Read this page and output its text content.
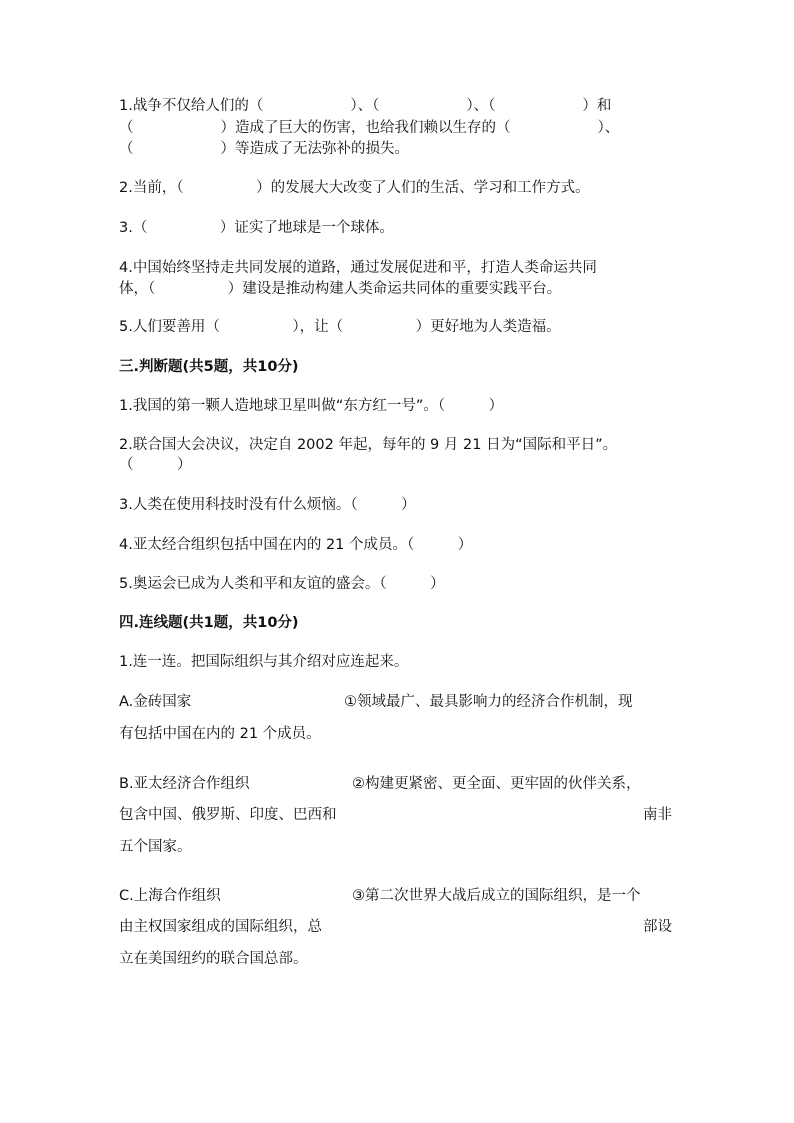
1.战争不仅给人们的（　　　　　　）、（　　　　　　）、（　　　　　　）和
（　　　　　　）造成了巨大的伤害，也给我们赖以生存的（　　　　　　）、
（　　　　　　）等造成了无法弥补的损失。
2.当前，（　　　　　）的发展大大改变了人们的生活、学习和工作方式。
3.（　　　　　）证实了地球是一个球体。
4.中国始终坚持走共同发展的道路，通过发展促进和平，打造人类命运共同
体，（　　　　　）建设是推动构建人类命运共同体的重要实践平台。
5.人们要善用（　　　　　），让（　　　　　）更好地为人类造福。
三.判断题(共5题，共10分)
1.我国的第一颗人造地球卫星叫做“东方红一号”。（　　　）
2.联合国大会决议，决定自 2002 年起，每年的 9 月 21 日为“国际和平日”。
（　　　）
3.人类在使用科技时没有什么烦恼。（　　　）
4.亚太经合组织包括中国在内的 21 个成员。（　　　）
5.奥运会已成为人类和平和友谊的盛会。（　　　）
四.连线题(共1题，共10分)
1.连一连。把国际组织与其介绍对应连起来。
A.金砖国家	①领域最广、最具影响力的经济合作机制，现
有包括中国在内的 21 个成员。
B.亚太经济合作组织	②构建更紧密、更全面、更牢固的伙伴关系，
包含中国、俄罗斯、印度、巴西和	南非
五个国家。
C.上海合作组织	③第二次世界大战后成立的国际组织，是一个
由主权国家组成的国际组织，总	部设
立在美国纽约的联合国总部。
